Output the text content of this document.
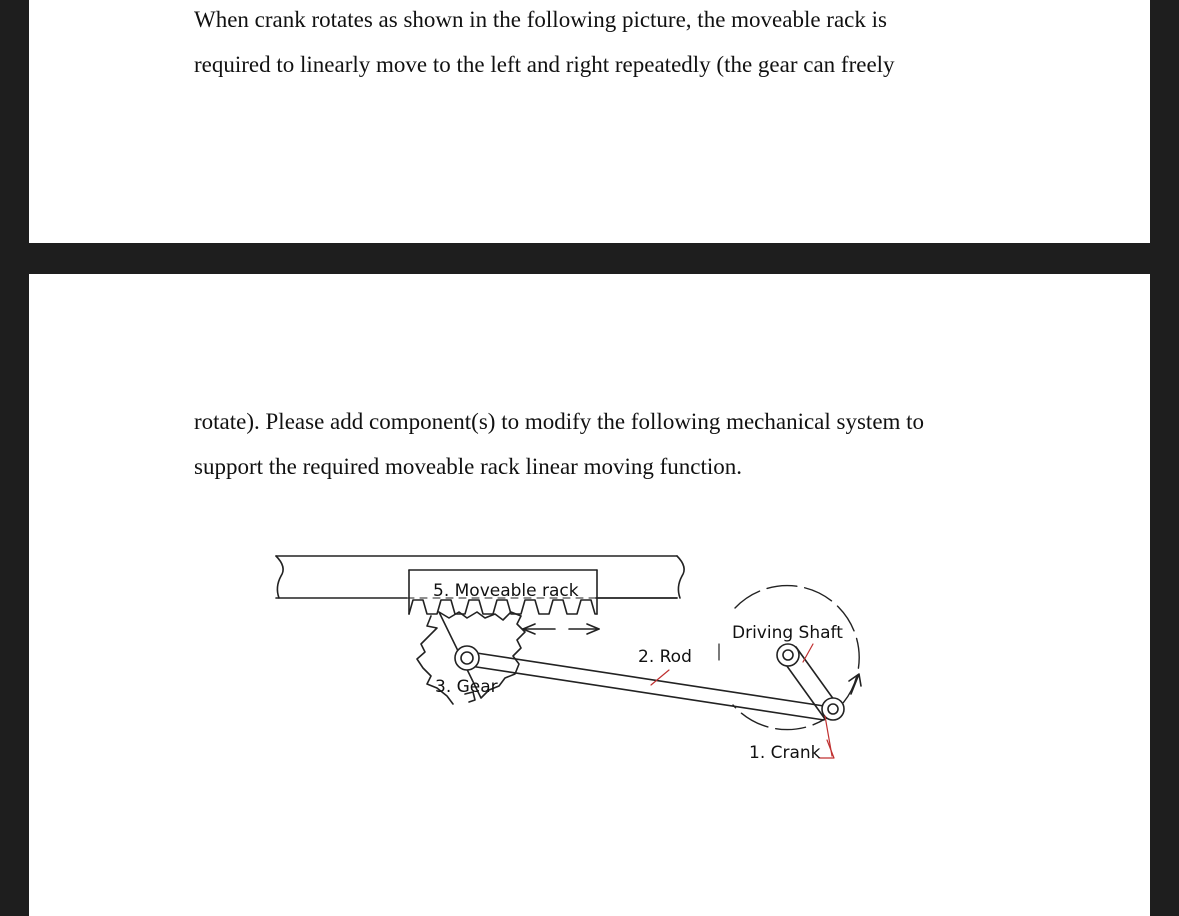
When crank rotates as shown in the following picture, the moveable rack is

required to linearly move to the left and right repeatedly (the gear can freely

rotate). Please add component(s) to modify the following mechanical system to

support the required moveable rack linear moving function.

5. Moveable rack
3. Gear
2. Rod
Driving Shaft
1. Crank
